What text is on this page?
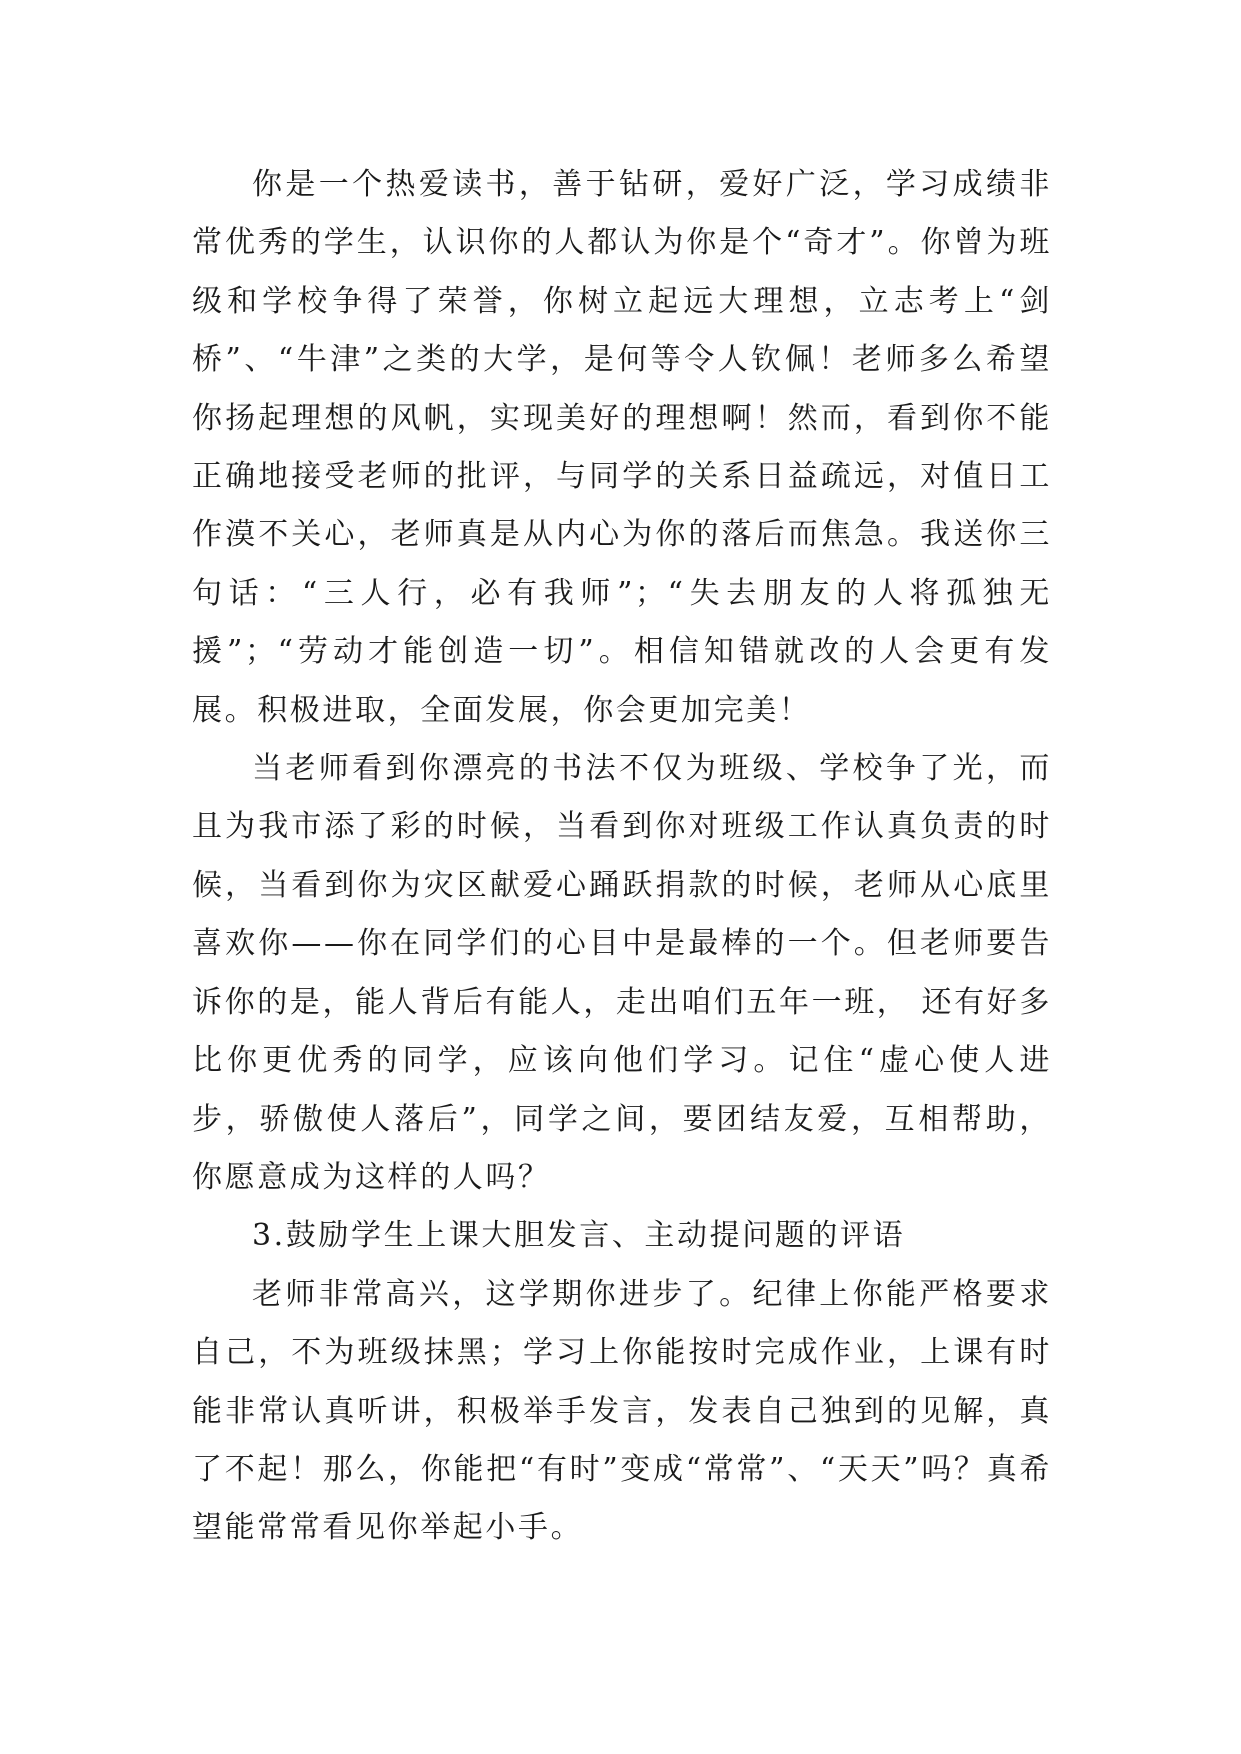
你是一个热爱读书，善于钻研，爱好广泛，学习成绩非常优秀的学生，认识你的人都认为你是个“奇才”。你曾为班级和学校争得了荣誉，你树立起远大理想，立志考上“剑桥”、“牛津”之类的大学，是何等令人钦佩！老师多么希望你扬起理想的风帆，实现美好的理想啊！然而，看到你不能正确地接受老师的批评，与同学的关系日益疏远，对值日工作漠不关心，老师真是从内心为你的落后而焦急。我送你三句话：“三人行，必有我师”；“失去朋友的人将孤独无援”；“劳动才能创造一切”。相信知错就改的人会更有发展。积极进取，全面发展，你会更加完美！

当老师看到你漂亮的书法不仅为班级、学校争了光，而且为我市添了彩的时候，当看到你对班级工作认真负责的时候，当看到你为灾区献爱心踊跃捐款的时候，老师从心底里喜欢你——你在同学们的心目中是最棒的一个。但老师要告诉你的是，能人背后有能人，走出咱们五年一班， 还有好多比你更优秀的同学，应该向他们学习。记住“虚心使人进步，骄傲使人落后”，同学之间，要团结友爱，互相帮助，你愿意成为这样的人吗？

3.鼓励学生上课大胆发言、主动提问题的评语

老师非常高兴，这学期你进步了。纪律上你能严格要求自己，不为班级抹黑；学习上你能按时完成作业，上课有时能非常认真听讲，积极举手发言，发表自己独到的见解，真了不起！那么，你能把“有时”变成“常常”、“天天”吗？真希望能常常看见你举起小手。
